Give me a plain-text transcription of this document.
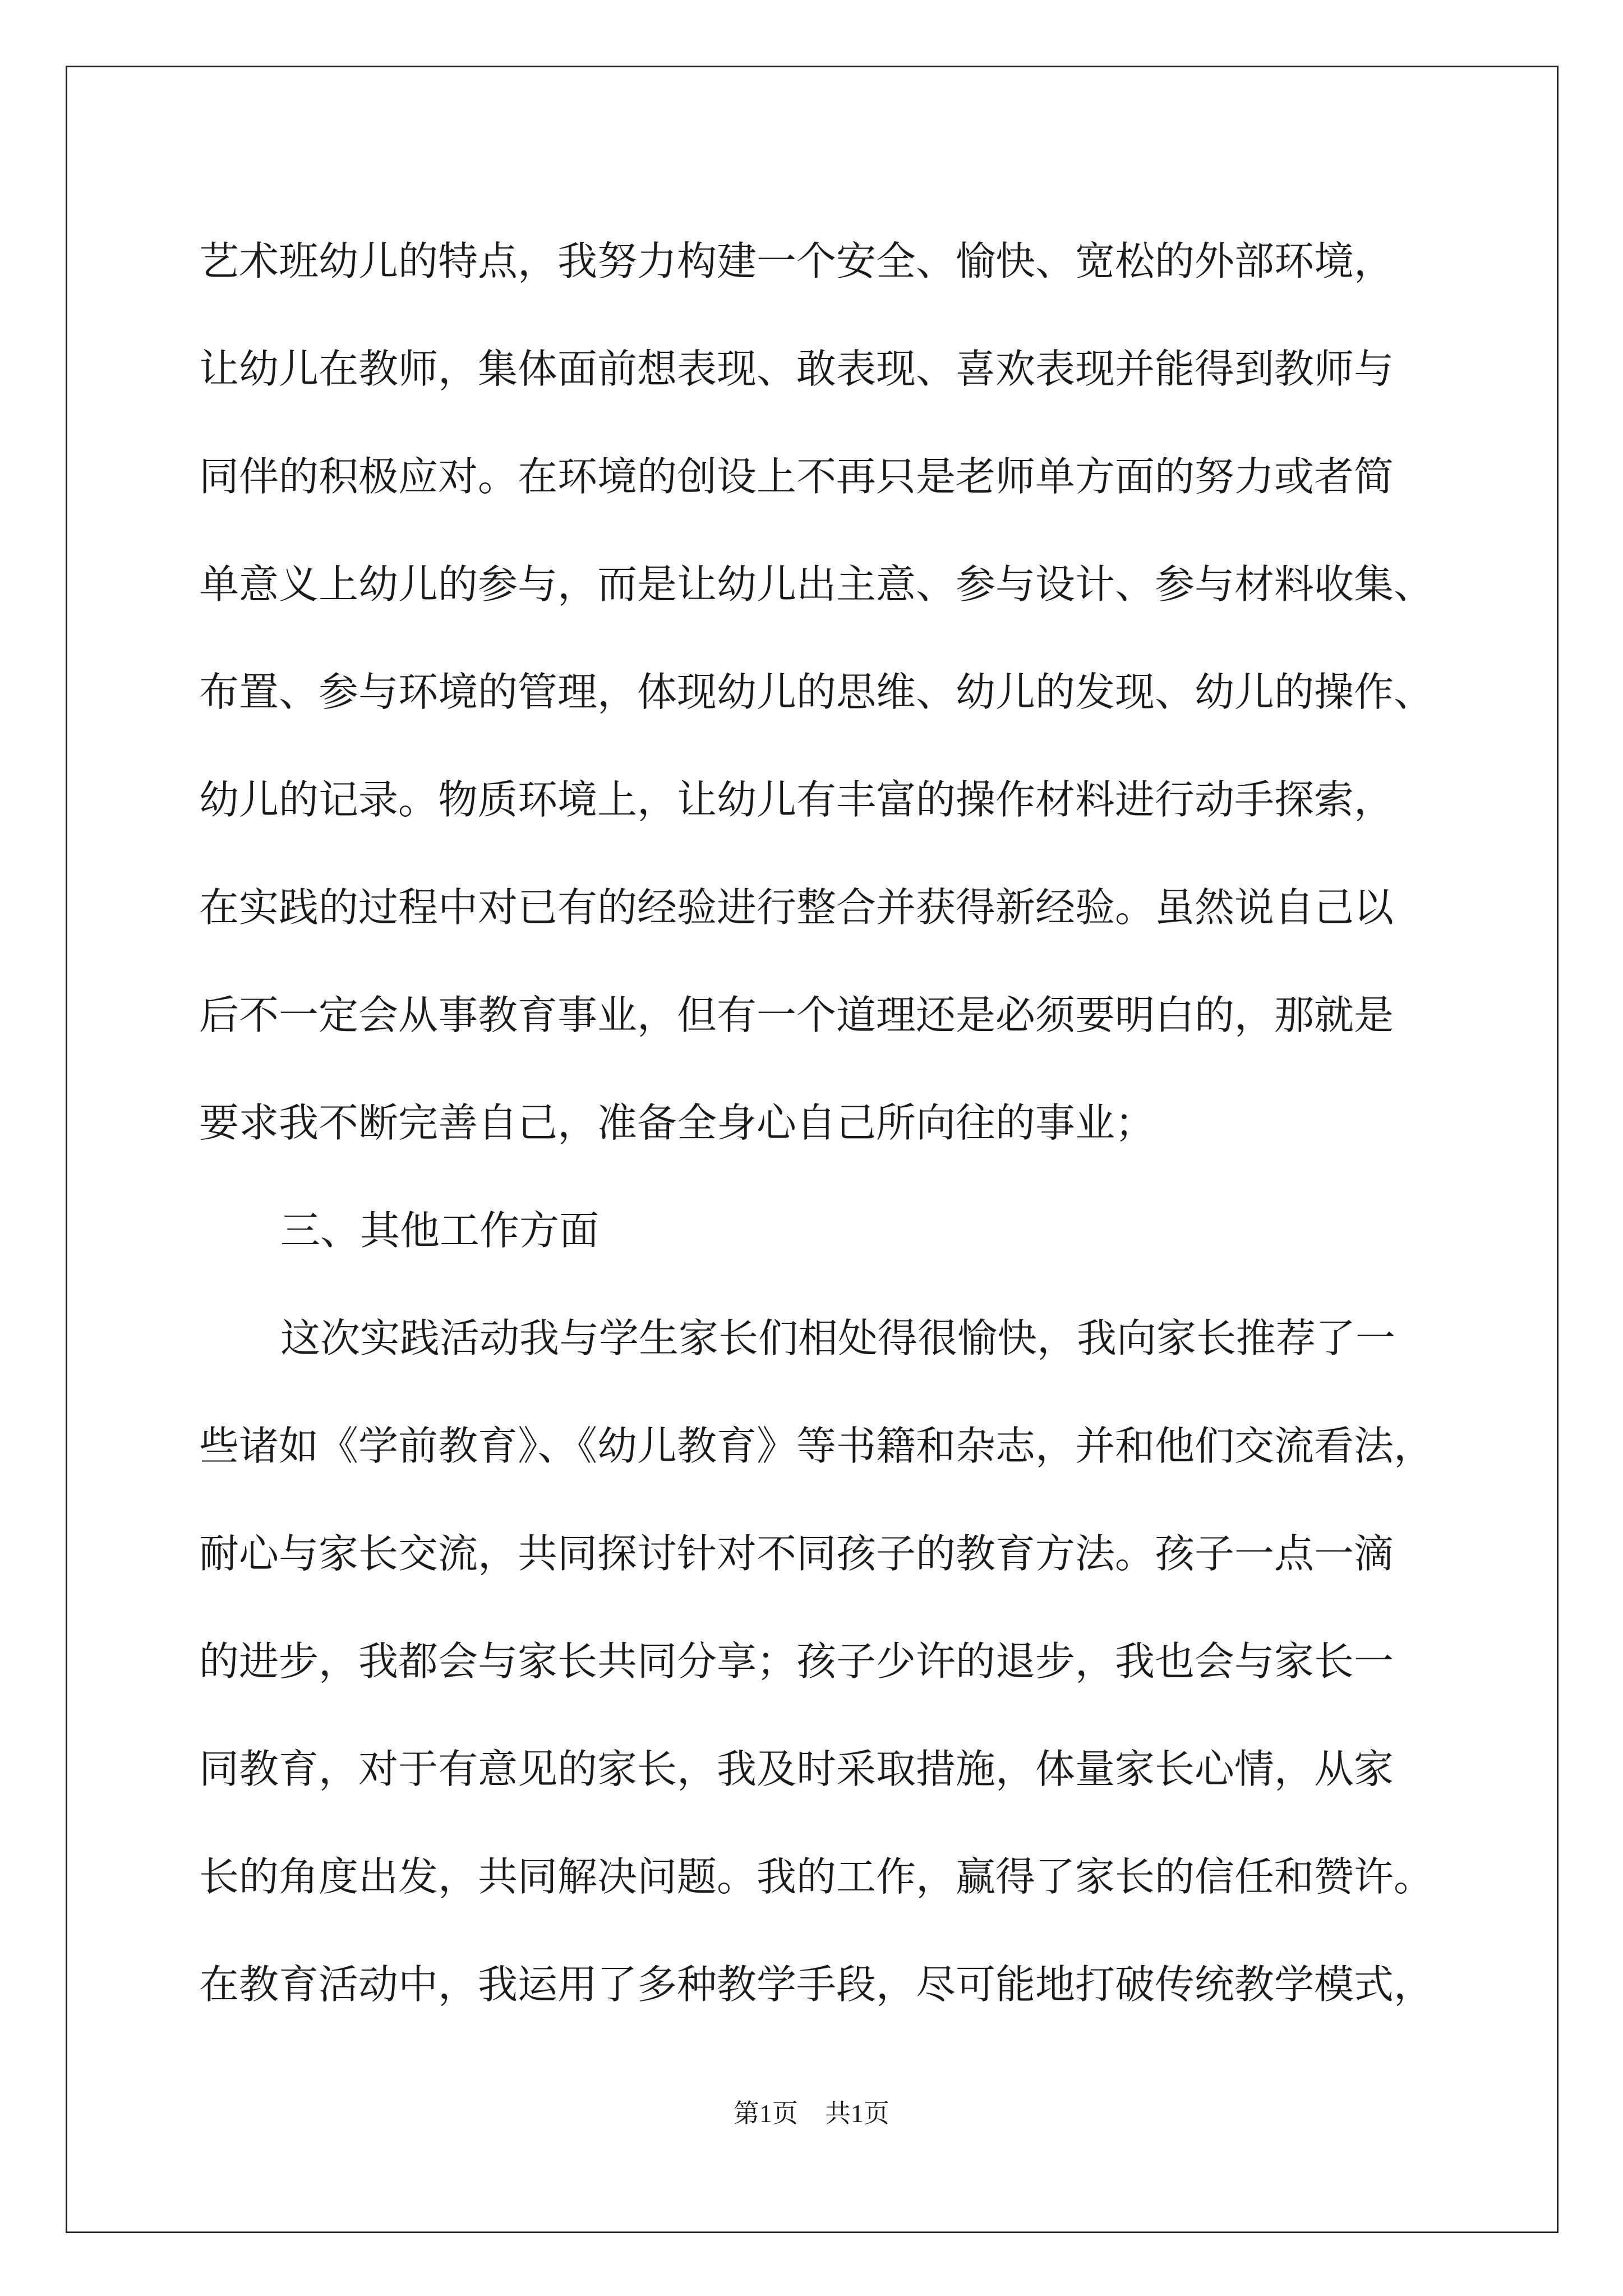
艺术班幼儿的特点，我努力构建一个安全、愉快、宽松的外部环境，
让幼儿在教师，集体面前想表现、敢表现、喜欢表现并能得到教师与
同伴的积极应对。在环境的创设上不再只是老师单方面的努力或者简
单意义上幼儿的参与，而是让幼儿出主意、参与设计、参与材料收集、
布置、参与环境的管理，体现幼儿的思维、幼儿的发现、幼儿的操作、
幼儿的记录。物质环境上，让幼儿有丰富的操作材料进行动手探索，
在实践的过程中对已有的经验进行整合并获得新经验。虽然说自己以
后不一定会从事教育事业，但有一个道理还是必须要明白的，那就是
要求我不断完善自己，准备全身心自己所向往的事业；
三、其他工作方面
这次实践活动我与学生家长们相处得很愉快，我向家长推荐了一
些诸如《学前教育》、《幼儿教育》等书籍和杂志，并和他们交流看法，
耐心与家长交流，共同探讨针对不同孩子的教育方法。孩子一点一滴
的进步，我都会与家长共同分享；孩子少许的退步，我也会与家长一
同教育，对于有意见的家长，我及时采取措施，体量家长心情，从家
长的角度出发，共同解决问题。我的工作，赢得了家长的信任和赞许。
在教育活动中，我运用了多种教学手段，尽可能地打破传统教学模式，
第1页 共1页
